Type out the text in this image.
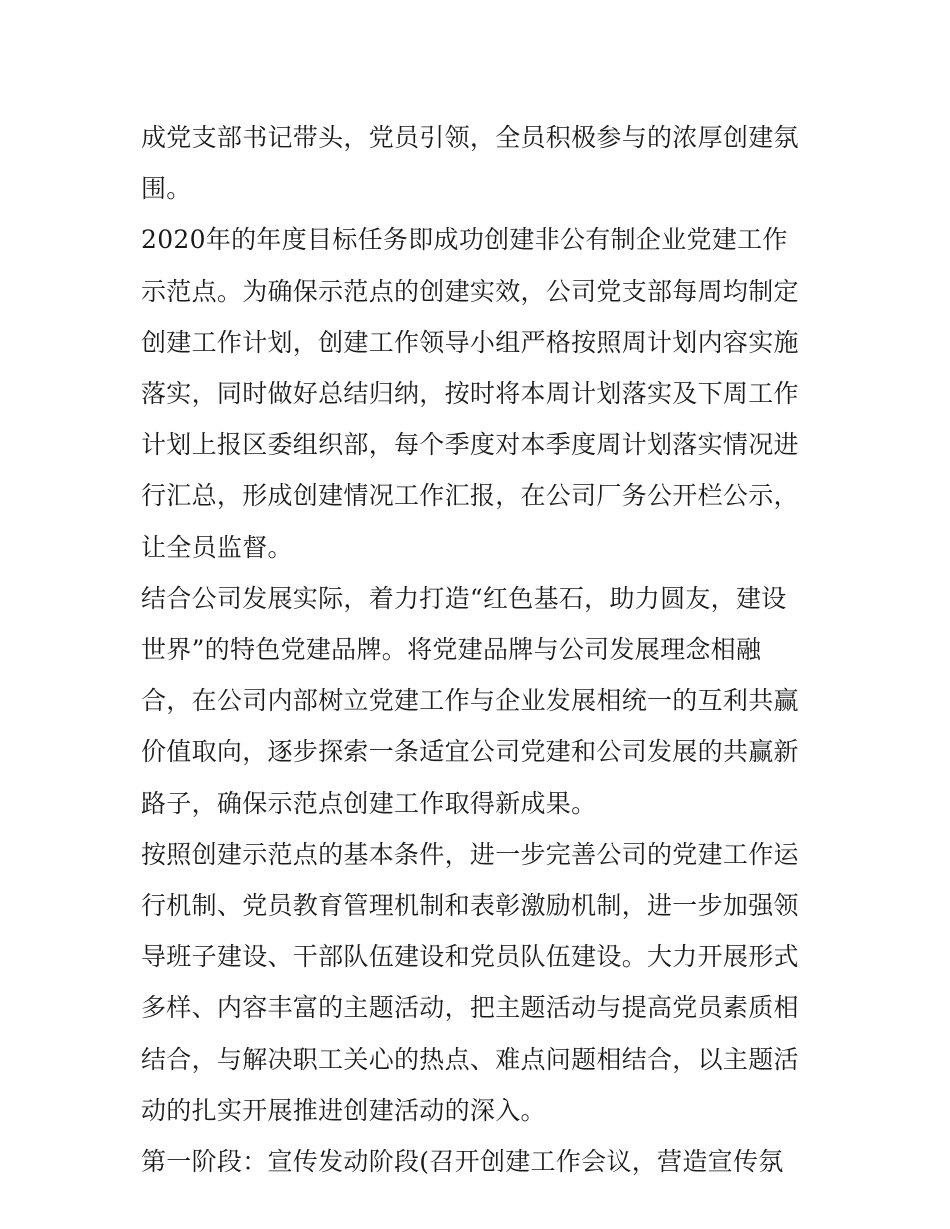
成党支部书记带头，党员引领，全员积极参与的浓厚创建氛围。

2020年的年度目标任务即成功创建非公有制企业党建工作示范点。为确保示范点的创建实效，公司党支部每周均制定创建工作计划，创建工作领导小组严格按照周计划内容实施落实，同时做好总结归纳，按时将本周计划落实及下周工作计划上报区委组织部，每个季度对本季度周计划落实情况进行汇总，形成创建情况工作汇报，在公司厂务公开栏公示，让全员监督。

结合公司发展实际，着力打造“红色基石，助力圆友，建设世界”的特色党建品牌。将党建品牌与公司发展理念相融合，在公司内部树立党建工作与企业发展相统一的互利共赢价值取向，逐步探索一条适宜公司党建和公司发展的共赢新路子，确保示范点创建工作取得新成果。

按照创建示范点的基本条件，进一步完善公司的党建工作运行机制、党员教育管理机制和表彰激励机制，进一步加强领导班子建设、干部队伍建设和党员队伍建设。大力开展形式多样、内容丰富的主题活动，把主题活动与提高党员素质相结合，与解决职工关心的热点、难点问题相结合，以主题活动的扎实开展推进创建活动的深入。

第一阶段：宣传发动阶段(召开创建工作会议，营造宣传氛
